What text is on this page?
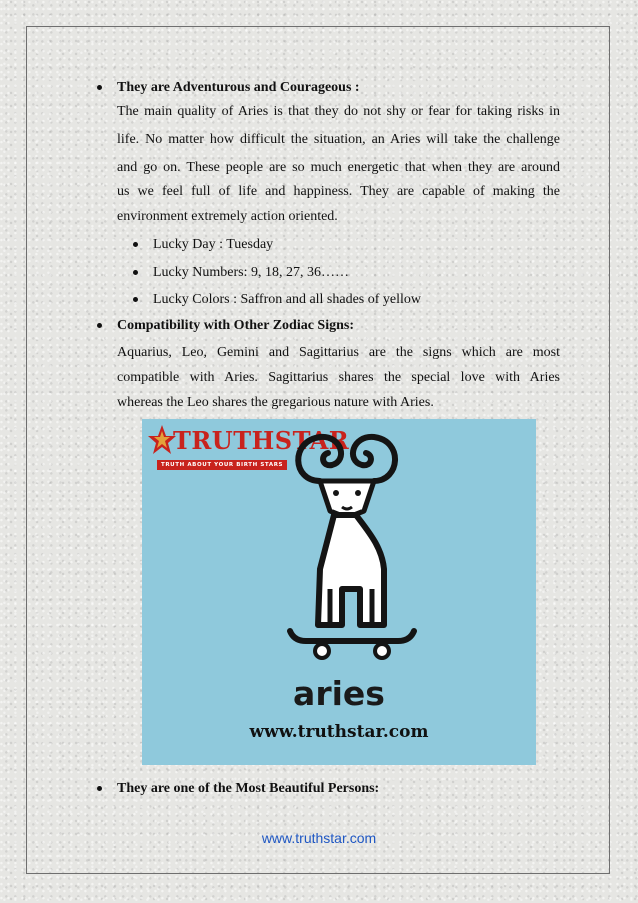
They are Adventurous and Courageous :
The main quality of Aries is that they do not shy or fear for taking risks in
life. No matter how difficult the situation, an Aries will take the challenge
and go on. These people are so much energetic that when they are around
us we feel full of life and happiness. They are capable of making the
environment extremely action oriented.
Lucky Day : Tuesday
Lucky Numbers: 9, 18, 27, 36……
Lucky Colors : Saffron and all shades of yellow
Compatibility with Other Zodiac Signs:
Aquarius, Leo, Gemini and Sagittarius are the signs which are most
compatible with Aries. Sagittarius shares the special love with Aries
whereas the Leo shares the gregarious nature with Aries.
TRUTHSTAR
TRUTH ABOUT YOUR BIRTH STARS
aries
www.truthstar.com
They are one of the Most Beautiful Persons:
www.truthstar.com
